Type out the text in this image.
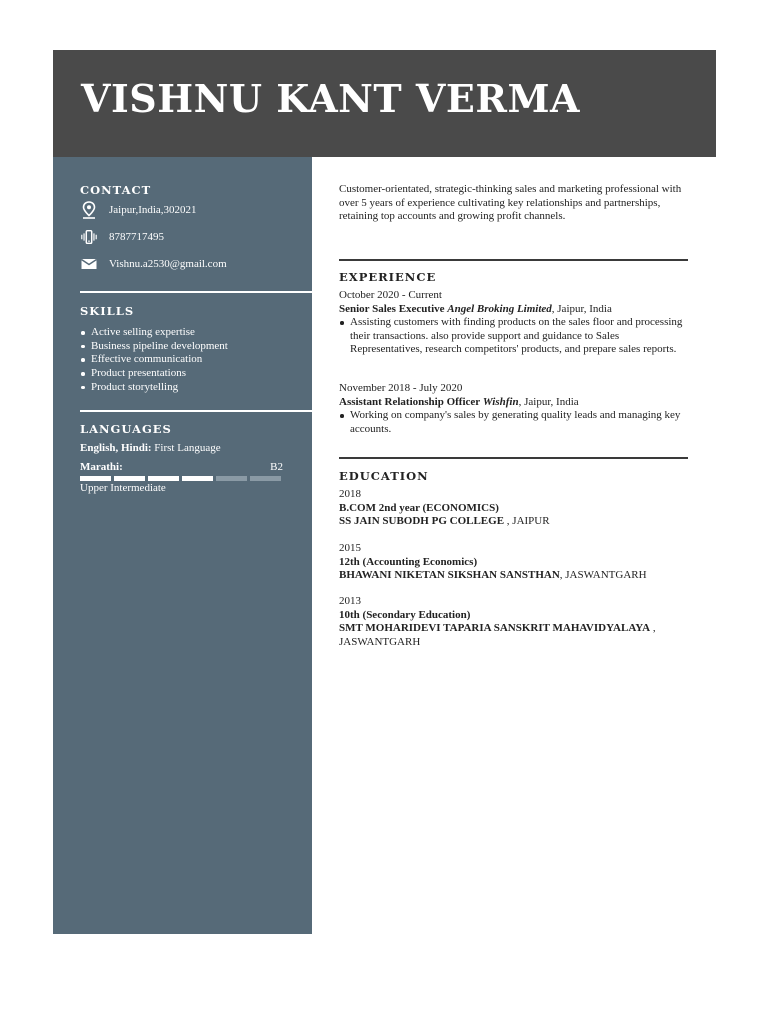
VISHNU KANT VERMA
CONTACT
Jaipur,India,302021
8787717495
Vishnu.a2530@gmail.com
SKILLS
Active selling expertise
Business pipeline development
Effective communication
Product presentations
Product storytelling
LANGUAGES
English, Hindi: First Language
Marathi:	B2
Upper Intermediate
Customer-orientated, strategic-thinking sales and marketing professional with over 5 years of experience cultivating key relationships and partnerships, retaining top accounts and growing profit channels.
EXPERIENCE
October 2020 - Current
Senior Sales Executive Angel Broking Limited, Jaipur, India
Assisting customers with finding products on the sales floor and processing their transactions. also provide support and guidance to Sales Representatives, research competitors' products, and prepare sales reports.
November 2018 - July 2020
Assistant Relationship Officer Wishfin, Jaipur, India
Working on company's sales by generating quality leads and managing key accounts.
EDUCATION
2018
B.COM 2nd year (ECONOMICS)
SS JAIN SUBODH PG COLLEGE , JAIPUR
2015
12th (Accounting Economics)
BHAWANI NIKETAN SIKSHAN SANSTHAN, JASWANTGARH
2013
10th (Secondary Education)
SMT MOHARIDEVI TAPARIA SANSKRIT MAHAVIDYALAYA , JASWANTGARH
